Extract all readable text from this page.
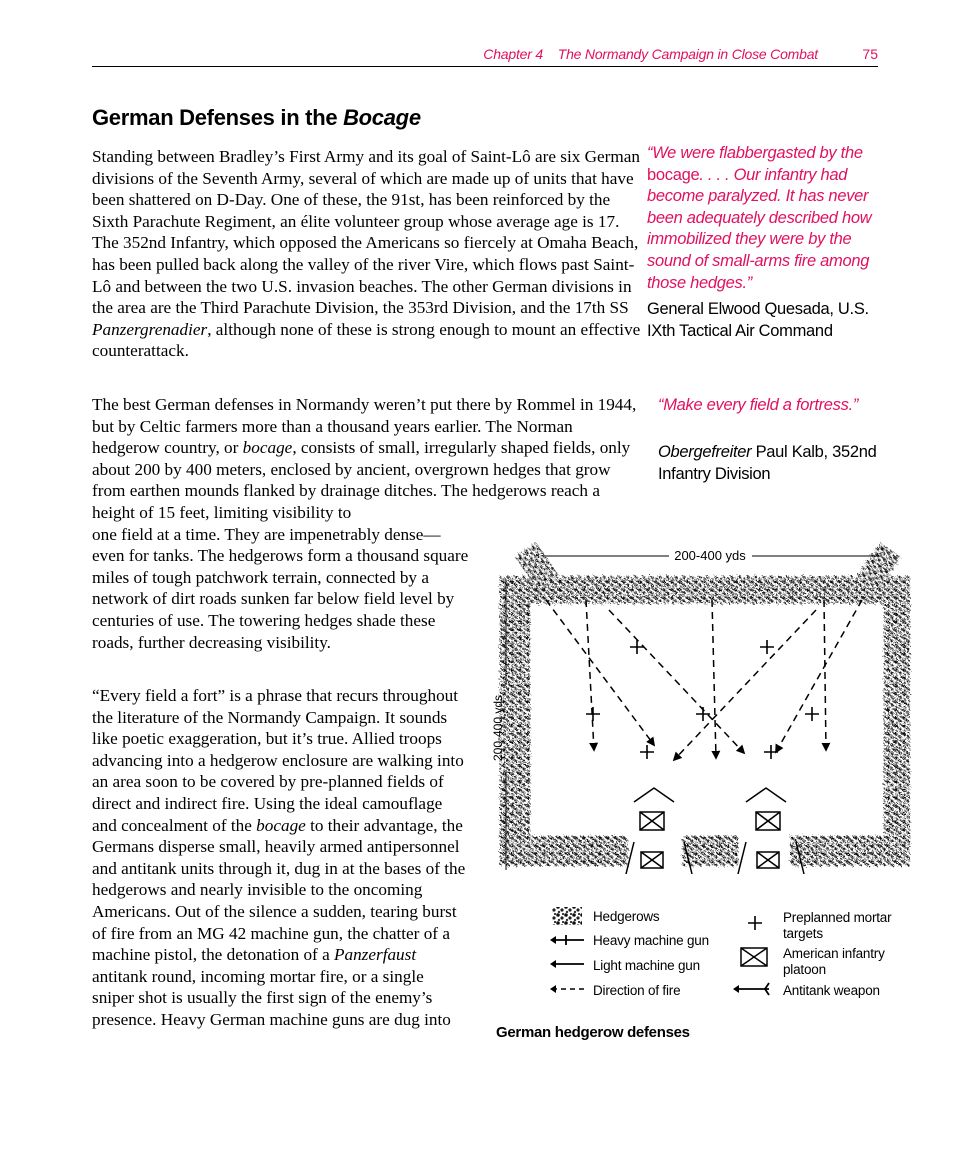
Chapter 4    The Normandy Campaign in Close Combat	75
German Defenses in the Bocage

Standing between Bradley’s First Army and its goal of Saint-Lô are six German divisions of the Seventh Army, several of which are made up of units that have been shattered on D-Day. One of these, the 91st, has been reinforced by the Sixth Parachute Regiment, an élite volunteer group whose average age is 17. The 352nd Infantry, which opposed the Americans so fiercely at Omaha Beach, has been pulled back along the valley of the river Vire, which flows past Saint-Lô and between the two U.S. invasion beaches. The other German divisions in the area are the Third Parachute Division, the 353rd Division, and the 17th SS Panzergrenadier, although none of these is strong enough to mount an effective counterattack.

The best German defenses in Normandy weren’t put there by Rommel in 1944, but by Celtic farmers more than a thousand years earlier. The Norman hedgerow country, or bocage, consists of small, irregularly shaped fields, only about 200 by 400 meters, enclosed by ancient, overgrown hedges that grow from earthen mounds flanked by drainage ditches. The hedgerows reach a height of 15 feet, limiting visibility to

one field at a time. They are impenetrably dense—even for tanks. The hedgerows form a thousand square miles of tough patchwork terrain, connected by a network of dirt roads sunken far below field level by centuries of use. The towering hedges shade these roads, further decreasing visibility.

“Every field a fort” is a phrase that recurs throughout the literature of the Normandy Campaign. It sounds like poetic exaggeration, but it’s true. Allied troops advancing into a hedgerow enclosure are walking into an area soon to be covered by pre-planned fields of direct and indirect fire. Using the ideal camouflage and concealment of the bocage to their advantage, the Germans disperse small, heavily armed antipersonnel and antitank units through it, dug in at the bases of the hedgerows and nearly invisible to the oncoming Americans. Out of the silence a sudden, tearing burst of fire from an MG 42 machine gun, the chatter of a machine pistol, the detonation of a Panzerfaust antitank round, incoming mortar fire, or a single sniper shot is usually the first sign of the enemy’s presence. Heavy German machine guns are dug into

“We were flabbergasted by the bocage. . . . Our infantry had become paralyzed. It has never been adequately described how immobilized they were by the sound of small-arms fire among those hedges.”
General Elwood Quesada, U.S. IXth Tactical Air Command
“Make every field a fortress.”
Obergefreiter Paul Kalb, 352nd Infantry Division
200-400 yds
200-400 yds
Hedgerows
Heavy machine gun
Light machine gun
Direction of fire
Preplanned mortar targets
American infantry platoon
Antitank weapon
German hedgerow defenses
